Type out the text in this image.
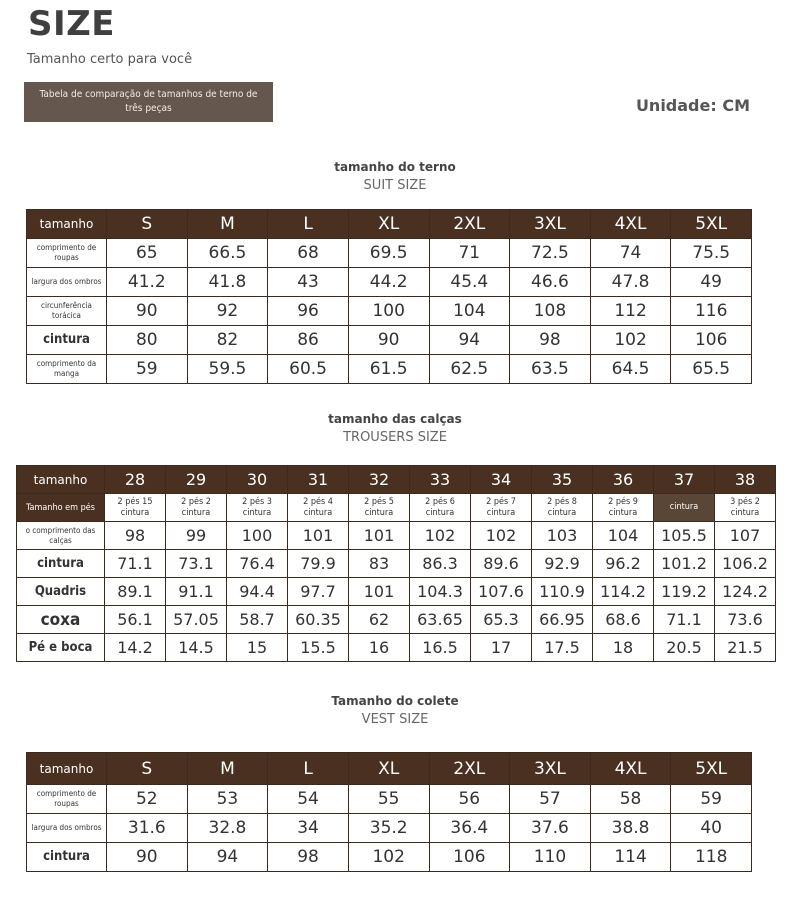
SIZE
Tamanho certo para você
Tabela de comparação de tamanhos de terno de três peças	Unidade: CM
tamanho do terno
SUIT SIZE
tamanho	S	M	L	XL	2XL	3XL	4XL	5XL
comprimento de roupas	65	66.5	68	69.5	71	72.5	74	75.5
largura dos ombros	41.2	41.8	43	44.2	45.4	46.6	47.8	49
circunferência torácica	90	92	96	100	104	108	112	116
cintura	80	82	86	90	94	98	102	106
comprimento da manga	59	59.5	60.5	61.5	62.5	63.5	64.5	65.5
tamanho das calças
TROUSERS SIZE
tamanho	28	29	30	31	32	33	34	35	36	37	38
Tamanho em pés	2 pés 15 cintura	2 pés 2 cintura	2 pés 3 cintura	2 pés 4 cintura	2 pés 5 cintura	2 pés 6 cintura	2 pés 7 cintura	2 pés 8 cintura	2 pés 9 cintura	cintura	3 pés 2 cintura
o comprimento das calças	98	99	100	101	101	102	102	103	104	105.5	107
cintura	71.1	73.1	76.4	79.9	83	86.3	89.6	92.9	96.2	101.2	106.2
Quadris	89.1	91.1	94.4	97.7	101	104.3	107.6	110.9	114.2	119.2	124.2
coxa	56.1	57.05	58.7	60.35	62	63.65	65.3	66.95	68.6	71.1	73.6
Pé e boca	14.2	14.5	15	15.5	16	16.5	17	17.5	18	20.5	21.5
Tamanho do colete
VEST SIZE
tamanho	S	M	L	XL	2XL	3XL	4XL	5XL
comprimento de roupas	52	53	54	55	56	57	58	59
largura dos ombros	31.6	32.8	34	35.2	36.4	37.6	38.8	40
cintura	90	94	98	102	106	110	114	118
